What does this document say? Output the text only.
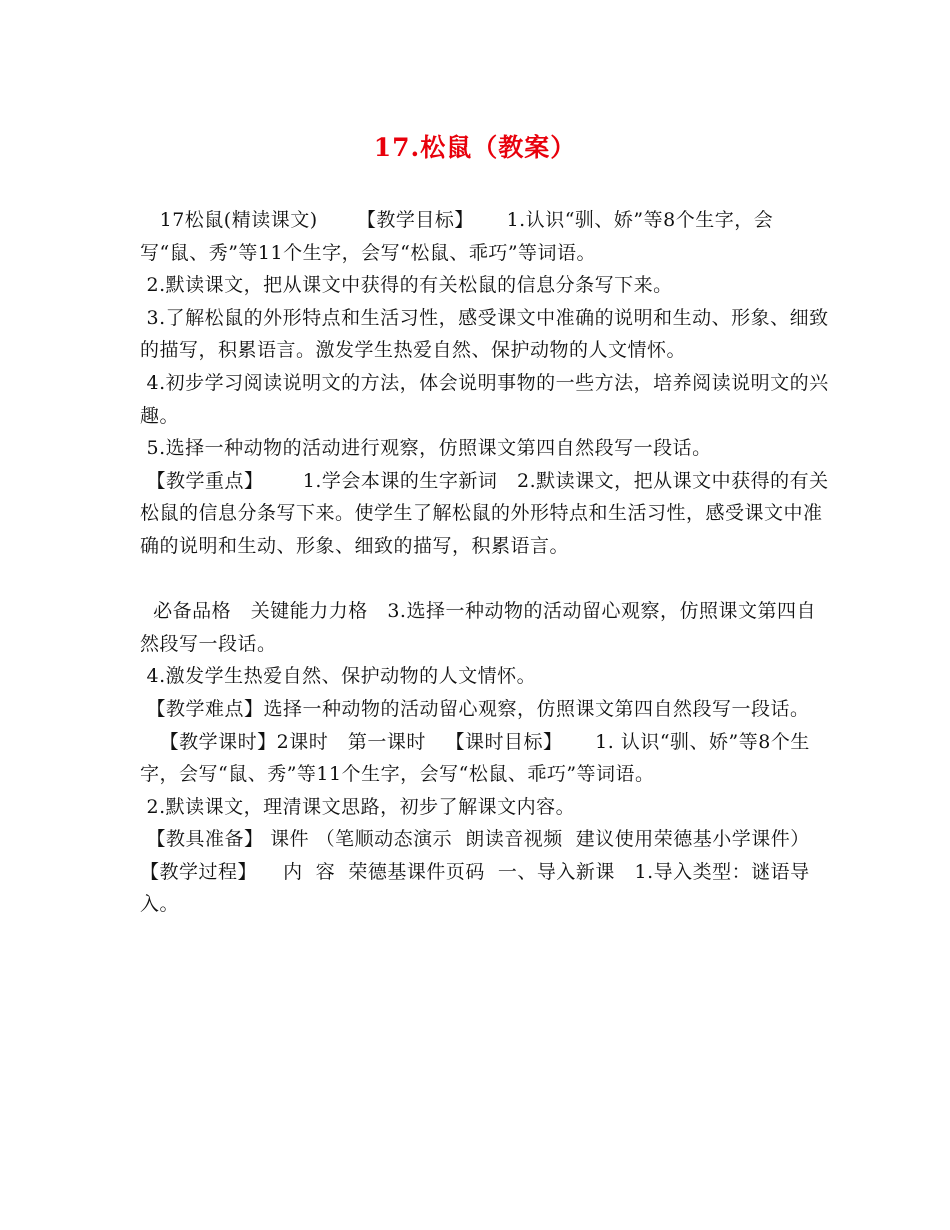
17.松鼠（教案）

17松鼠(精读课文)      【教学目标】     1.认识“驯、娇”等8个生字，会写“鼠、秀”等11个生字，会写“松鼠、乖巧”等词语。

2.默读课文，把从课文中获得的有关松鼠的信息分条写下来。

3.了解松鼠的外形特点和生活习性，感受课文中准确的说明和生动、形象、细致的描写，积累语言。激发学生热爱自然、保护动物的人文情怀。

4.初步学习阅读说明文的方法，体会说明事物的一些方法，培养阅读说明文的兴趣。

5.选择一种动物的活动进行观察，仿照课文第四自然段写一段话。

【教学重点】      1.学会本课的生字新词   2.默读课文，把从课文中获得的有关松鼠的信息分条写下来。使学生了解松鼠的外形特点和生活习性，感受课文中准确的说明和生动、形象、细致的描写，积累语言。

必备品格   关键能力力格   3.选择一种动物的活动留心观察，仿照课文第四自然段写一段话。

4.激发学生热爱自然、保护动物的人文情怀。

【教学难点】选择一种动物的活动留心观察，仿照课文第四自然段写一段话。

【教学课时】2课时   第一课时   【课时目标】     1. 认识“驯、娇”等8个生字，会写“鼠、秀”等11个生字，会写“松鼠、乖巧”等词语。

2.默读课文，理清课文思路，初步了解课文内容。

【教具准备】 课件 （笔顺动态演示  朗读音视频  建议使用荣德基小学课件）   【教学过程】    内  容  荣德基课件页码  一、导入新课   1.导入类型：谜语导入。
